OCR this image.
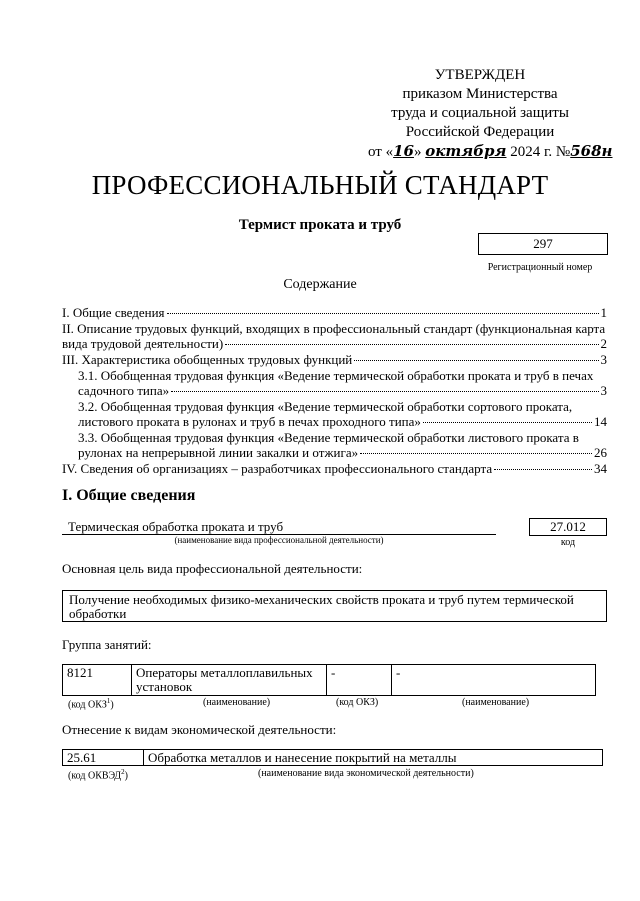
УТВЕРЖДЕН
приказом Министерства
труда и социальной защиты
Российской Федерации
от «16» октября 2024 г. №568н
ПРОФЕССИОНАЛЬНЫЙ СТАНДАРТ
Термист проката и труб
297
Регистрационный номер
Содержание
I. Общие сведения	1
II. Описание трудовых функций, входящих в профессиональный стандарт (функциональная карта
вида трудовой деятельности)	2
III. Характеристика обобщенных трудовых функций	3
3.1. Обобщенная трудовая функция «Ведение термической обработки проката и труб в печах
садочного типа»	3
3.2. Обобщенная трудовая функция «Ведение термической обработки сортового проката,
листового проката в рулонах и труб в печах проходного типа»	14
3.3. Обобщенная трудовая функция «Ведение термической обработки листового проката в
рулонах на непрерывной линии закалки и отжига»	26
IV. Сведения об организациях – разработчиках профессионального стандарта	34
I. Общие сведения
Термическая обработка проката и труб
(наименование вида профессиональной деятельности)
27.012
код
Основная цель вида профессиональной деятельности:
Получение необходимых физико-механических свойств проката и труб путем термической обработки
Группа занятий:
8121	Операторы металлоплавильных установок	-	-
(код ОКЗ$^1$)	(наименование)	(код ОКЗ)	(наименование)
Отнесение к видам экономической деятельности:
25.61	Обработка металлов и нанесение покрытий на металлы
(код ОКВЭД$^2$)	(наименование вида экономической деятельности)
